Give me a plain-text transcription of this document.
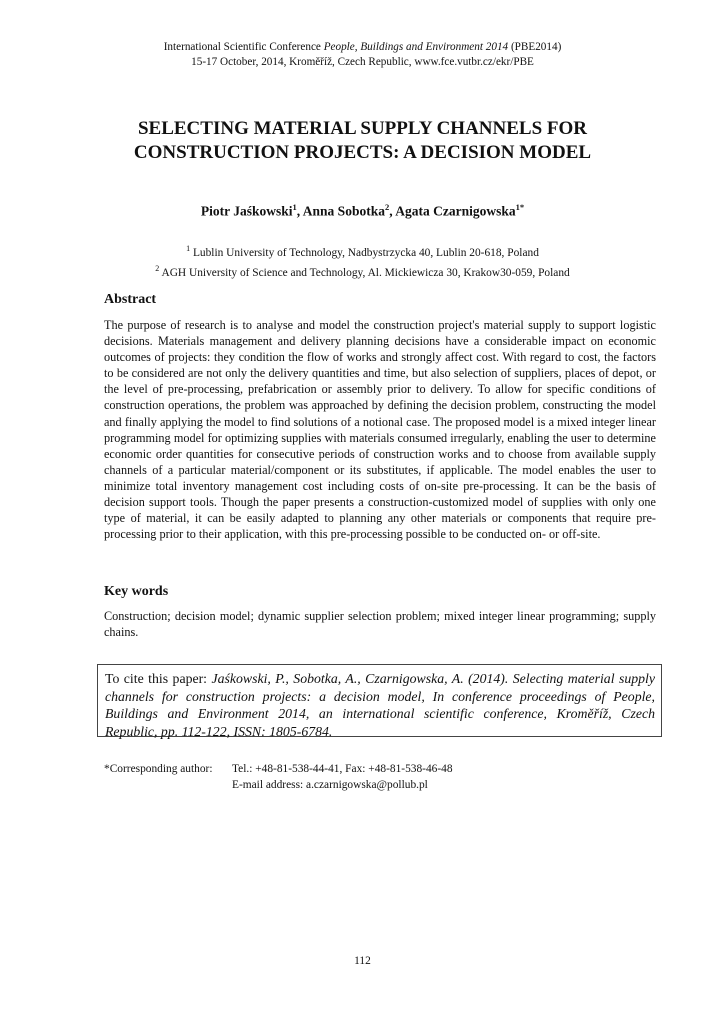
International Scientific Conference People, Buildings and Environment 2014 (PBE2014)
15-17 October, 2014, Kroměříž, Czech Republic, www.fce.vutbr.cz/ekr/PBE
SELECTING MATERIAL SUPPLY CHANNELS FOR
CONSTRUCTION PROJECTS: A DECISION MODEL
Piotr Jaśkowski$^1$, Anna Sobotka$^2$, Agata Czarnigowska$^{1*}$
$^1$ Lublin University of Technology, Nadbystrzycka 40, Lublin 20-618, Poland
$^2$ AGH University of Science and Technology, Al. Mickiewicza 30, Krakow30-059, Poland
Abstract

The purpose of research is to analyse and model the construction project's material supply to support logistic decisions. Materials management and delivery planning decisions have a considerable impact on economic outcomes of projects: they condition the flow of works and strongly affect cost. With regard to cost, the factors to be considered are not only the delivery quantities and time, but also selection of suppliers, places of depot, or the level of pre-processing, prefabrication or assembly prior to delivery. To allow for specific conditions of construction operations, the problem was approached by defining the decision problem, constructing the model and finally applying the model to find solutions of a notional case. The proposed model is a mixed integer linear programming model for optimizing supplies with materials consumed irregularly, enabling the user to determine economic order quantities for consecutive periods of construction works and to choose from available supply channels of a particular material/component or its substitutes, if applicable. The model enables the user to minimize total inventory management cost including costs of on-site pre-processing. It can be the basis of decision support tools. Though the paper presents a construction-customized model of supplies with only one type of material, it can be easily adapted to planning any other materials or components that require pre-processing prior to their application, with this pre-processing possible to be conducted on- or off-site.

Key words

Construction; decision model; dynamic supplier selection problem; mixed integer linear programming; supply chains.

To cite this paper: Jaśkowski, P., Sobotka, A., Czarnigowska, A. (2014). Selecting material supply channels for construction projects: a decision model, In conference proceedings of People, Buildings and Environment 2014, an international scientific conference, Kroměříž, Czech Republic, pp. 112-122, ISSN: 1805-6784.
*Corresponding author: Tel.: +48-81-538-44-41, Fax: +48-81-538-46-48
E-mail address: a.czarnigowska@pollub.pl
112
